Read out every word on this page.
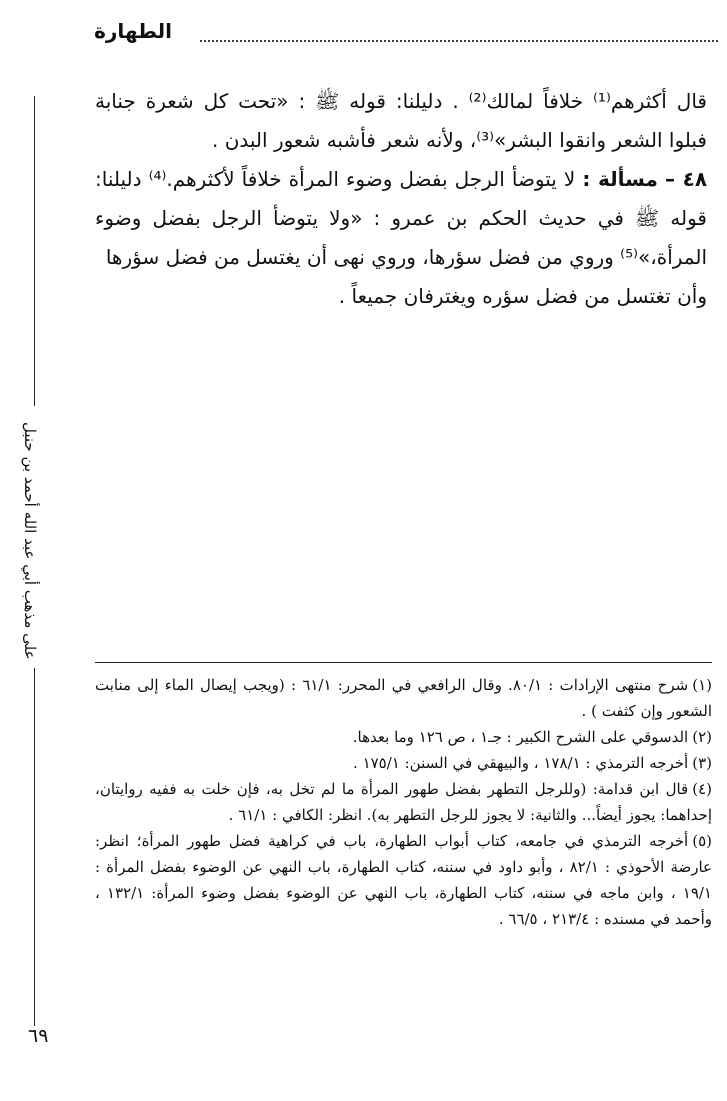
الطهارة
على مذهب أبي عبد الله أحمد بن حنبل

قال أكثرهم⁽¹⁾ خلافاً لمالك⁽²⁾ . دليلنا: قوله ﷺ : «تحت كل شعرة جنابة فبلوا الشعر وانقوا البشر»⁽³⁾، ولأنه شعر فأشبه شعور البدن .

٤٨ – مسألة : لا يتوضأ الرجل بفضل وضوء المرأة خلافاً لأكثرهم.⁽⁴⁾ دليلنا: قوله ﷺ في حديث الحكم بن عمرو : «ولا يتوضأ الرجل بفضل وضوء المرأة،»⁽⁵⁾ وروي من فضل سؤرها، وروي نهى أن يغتسل من فضل سؤرها

وأن تغتسل من فضل سؤره ويغترفان جميعاً .

(١)شرح منتهى الإرادات : ٨٠/١. وقال الرافعي في المحرر: ٦١/١ : (ويجب إيصال الماء إلى منابت الشعور وإن كثفت ) .

(٢)الدسوقي على الشرح الكبير : جـ١ ، ص ١٢٦ وما بعدها.

(٣)أخرجه الترمذي : ١٧٨/١ ، والبيهقي في السنن: ١٧٥/١ .

(٤)قال ابن قدامة: (وللرجل التطهر بفضل طهور المرأة ما لم تخل به، فإن خلت به ففيه روايتان، إحداهما: يجوز أيضاً... والثانية: لا يجوز للرجل التطهر به). انظر: الكافي : ٦١/١ .

(٥)أخرجه الترمذي في جامعه، كتاب أبواب الطهارة، باب في كراهية فضل طهور المرأة؛ انظر: عارضة الأحوذي : ٨٢/١ ، وأبو داود في سننه، كتاب الطهارة، باب النهي عن الوضوء بفضل المرأة : ١٩/١ ، وابن ماجه في سننه، كتاب الطهارة، باب النهي عن الوضوء بفضل وضوء المرأة: ١٣٢/١ ، وأحمد في مسنده : ٢١٣/٤ ، ٦٦/٥ .

٦٩
